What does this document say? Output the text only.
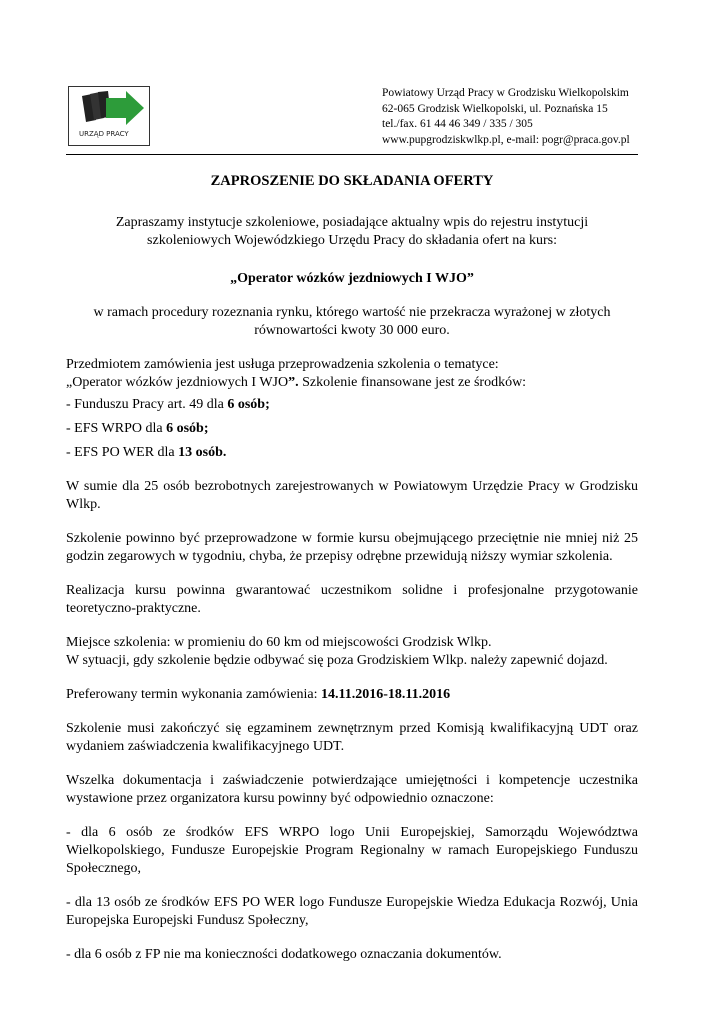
URZĄD PRACY
Powiatowy Urząd Pracy w Grodzisku Wielkopolskim
62-065 Grodzisk Wielkopolski, ul. Poznańska 15
tel./fax. 61 44 46 349 / 335 / 305
www.pupgrodziskwlkp.pl, e-mail: pogr@praca.gov.pl
ZAPROSZENIE DO SKŁADANIA OFERTY

Zapraszamy instytucje szkoleniowe, posiadające aktualny wpis do rejestru instytucji
szkoleniowych Wojewódzkiego Urzędu Pracy do składania ofert na kurs:

„Operator wózków jezdniowych I WJO”

w ramach procedury rozeznania rynku, którego wartość nie przekracza wyrażonej w złotych
równowartości kwoty 30 000 euro.

Przedmiotem zamówienia jest usługa przeprowadzenia szkolenia o tematyce:
„Operator wózków jezdniowych I WJO”. Szkolenie finansowane jest ze środków:

- Funduszu Pracy art. 49 dla 6 osób;

- EFS WRPO dla 6 osób;

- EFS PO WER dla 13 osób.

W sumie dla 25 osób bezrobotnych zarejestrowanych w Powiatowym Urzędzie Pracy w Grodzisku Wlkp.

Szkolenie powinno być przeprowadzone w formie kursu obejmującego przeciętnie nie mniej niż 25 godzin zegarowych w tygodniu, chyba, że przepisy odrębne przewidują niższy wymiar szkolenia.

Realizacja kursu powinna gwarantować uczestnikom solidne i profesjonalne przygotowanie teoretyczno-praktyczne.

Miejsce szkolenia: w promieniu do 60 km od miejscowości Grodzisk Wlkp.
W sytuacji, gdy szkolenie będzie odbywać się poza Grodziskiem Wlkp. należy zapewnić dojazd.

Preferowany termin wykonania zamówienia: 14.11.2016-18.11.2016

Szkolenie musi zakończyć się egzaminem zewnętrznym przed Komisją kwalifikacyjną UDT oraz wydaniem zaświadczenia kwalifikacyjnego UDT.

Wszelka dokumentacja i zaświadczenie potwierdzające umiejętności i kompetencje uczestnika wystawione przez organizatora kursu powinny być odpowiednio oznaczone:

- dla 6 osób ze środków EFS WRPO logo Unii Europejskiej, Samorządu Województwa Wielkopolskiego, Fundusze Europejskie Program Regionalny w ramach Europejskiego Funduszu Społecznego,

- dla 13 osób ze środków EFS PO WER logo Fundusze Europejskie Wiedza Edukacja Rozwój, Unia Europejska Europejski Fundusz Społeczny,

- dla 6 osób z FP nie ma konieczności dodatkowego oznaczania dokumentów.
